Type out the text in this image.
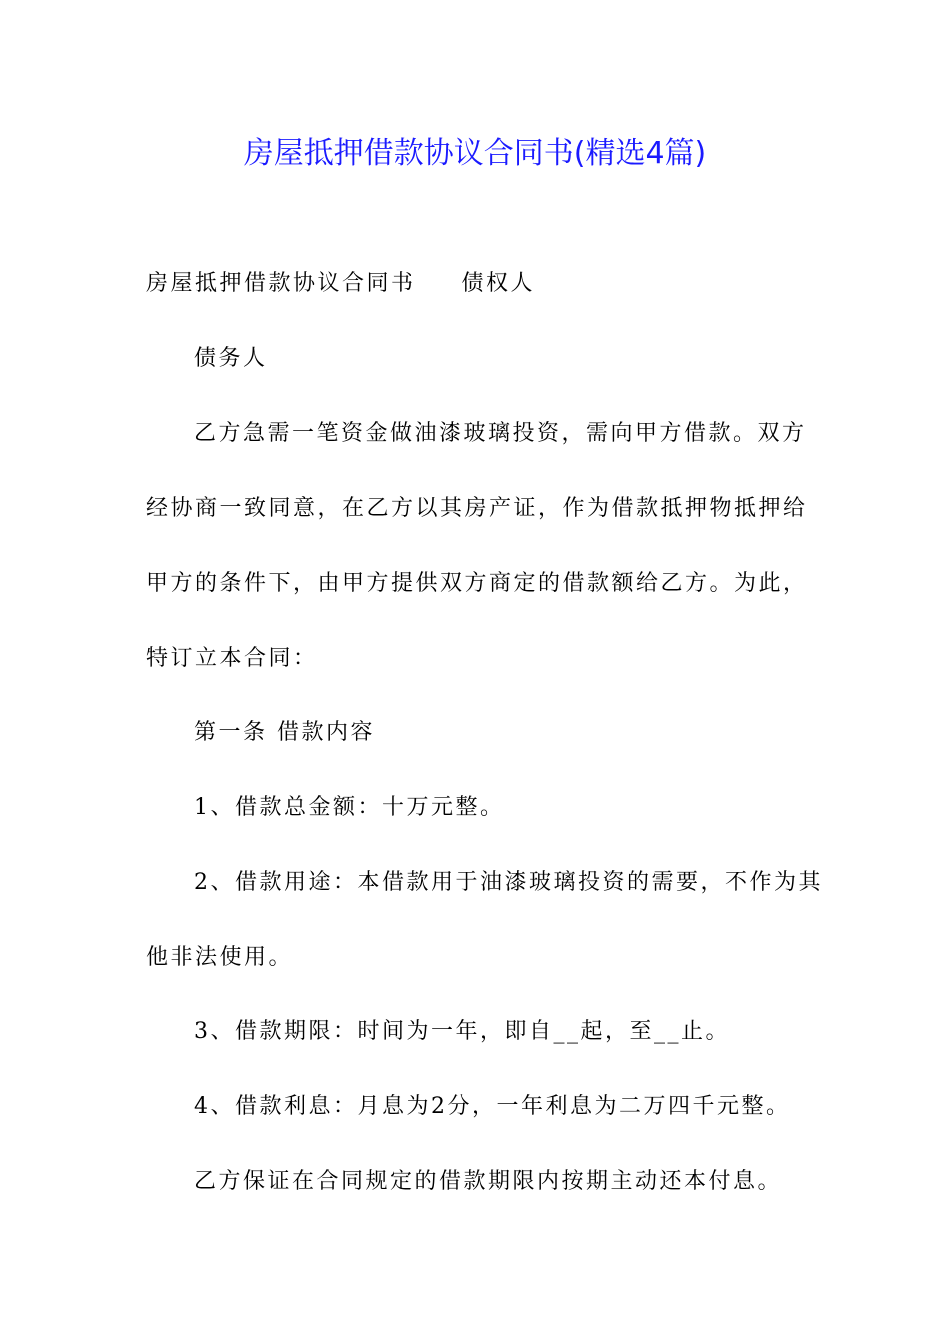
房屋抵押借款协议合同书(精选4篇)
房屋抵押借款协议合同书 债权人
债务人
乙方急需一笔资金做油漆玻璃投资，需向甲方借款。双方
经协商一致同意，在乙方以其房产证，作为借款抵押物抵押给
甲方的条件下，由甲方提供双方商定的借款额给乙方。为此，
特订立本合同：
第一条 借款内容
1、借款总金额：十万元整。
2、借款用途：本借款用于油漆玻璃投资的需要，不作为其
他非法使用。
3、借款期限：时间为一年，即自__起，至__止。
4、借款利息：月息为2分，一年利息为二万四千元整。
乙方保证在合同规定的借款期限内按期主动还本付息。
